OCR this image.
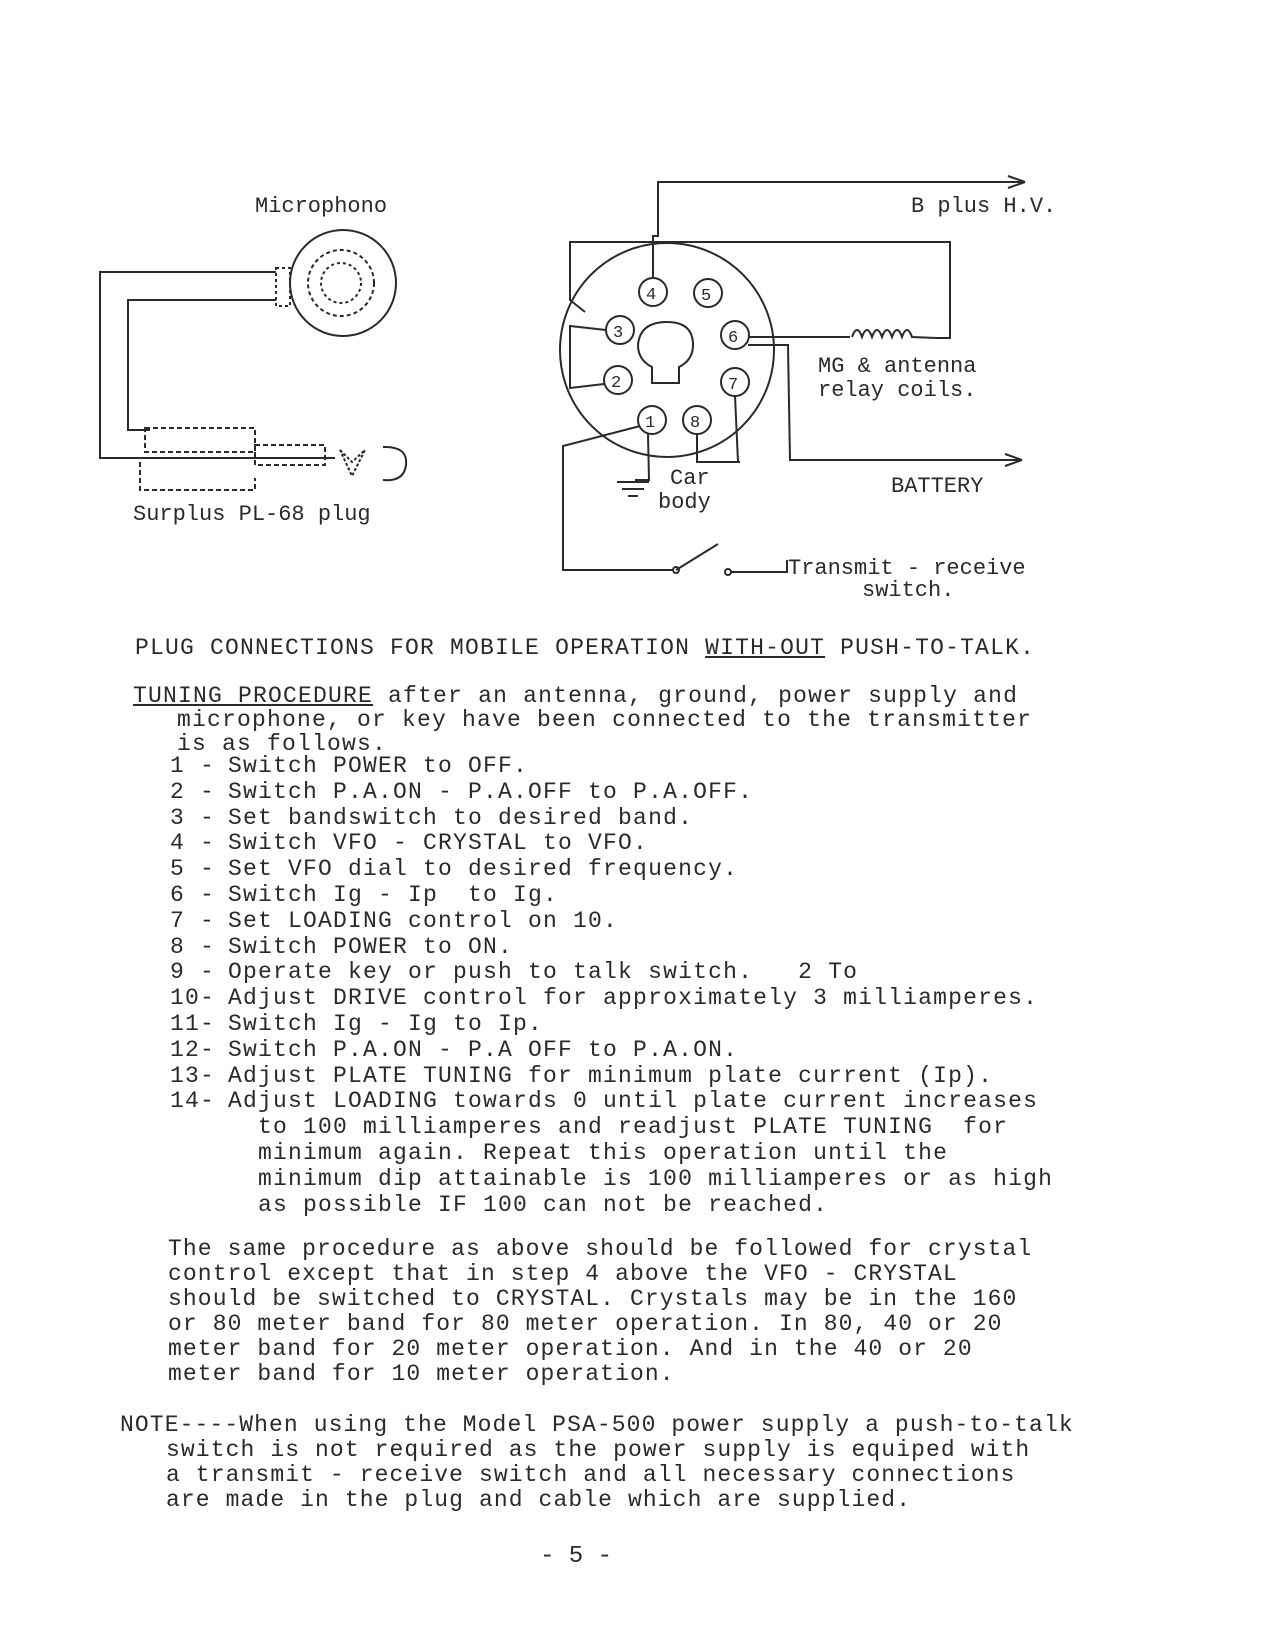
Microphono
Surplus PL-68 plug
B plus H.V.
MG & antenna
relay coils.
Car
body
BATTERY
Transmit - receive
switch.
4	5
3	6
2	7
1 8
PLUG CONNECTIONS FOR MOBILE OPERATION WITH-OUT PUSH-TO-TALK.
TUNING PROCEDURE after an antenna, ground, power supply and
microphone, or key have been connected to the transmitter
is as follows.
1 - Switch POWER to OFF.
2 - Switch P.A.ON - P.A.OFF to P.A.OFF.
3 - Set bandswitch to desired band.
4 - Switch VFO - CRYSTAL to VFO.
5 - Set VFO dial to desired frequency.
6 - Switch Ig - Ip  to Ig.
7 - Set LOADING control on 10.
8 - Switch POWER to ON.
9 - Operate key or push to talk switch.   2 To
10- Adjust DRIVE control for approximately 3 milliamperes.
11- Switch Ig - Ig to Ip.
12- Switch P.A.ON - P.A OFF to P.A.ON.
13- Adjust PLATE TUNING for minimum plate current (Ip).
14- Adjust LOADING towards 0 until plate current increases
to 100 milliamperes and readjust PLATE TUNING  for
minimum again. Repeat this operation until the
minimum dip attainable is 100 milliamperes or as high
as possible IF 100 can not be reached.
The same procedure as above should be followed for crystal
control except that in step 4 above the VFO - CRYSTAL
should be switched to CRYSTAL. Crystals may be in the 160
or 80 meter band for 80 meter operation. In 80, 40 or 20
meter band for 20 meter operation. And in the 40 or 20
meter band for 10 meter operation.
NOTE----When using the Model PSA-500 power supply a push-to-talk
switch is not required as the power supply is equiped with
a transmit - receive switch and all necessary connections
are made in the plug and cable which are supplied.
- 5 -
